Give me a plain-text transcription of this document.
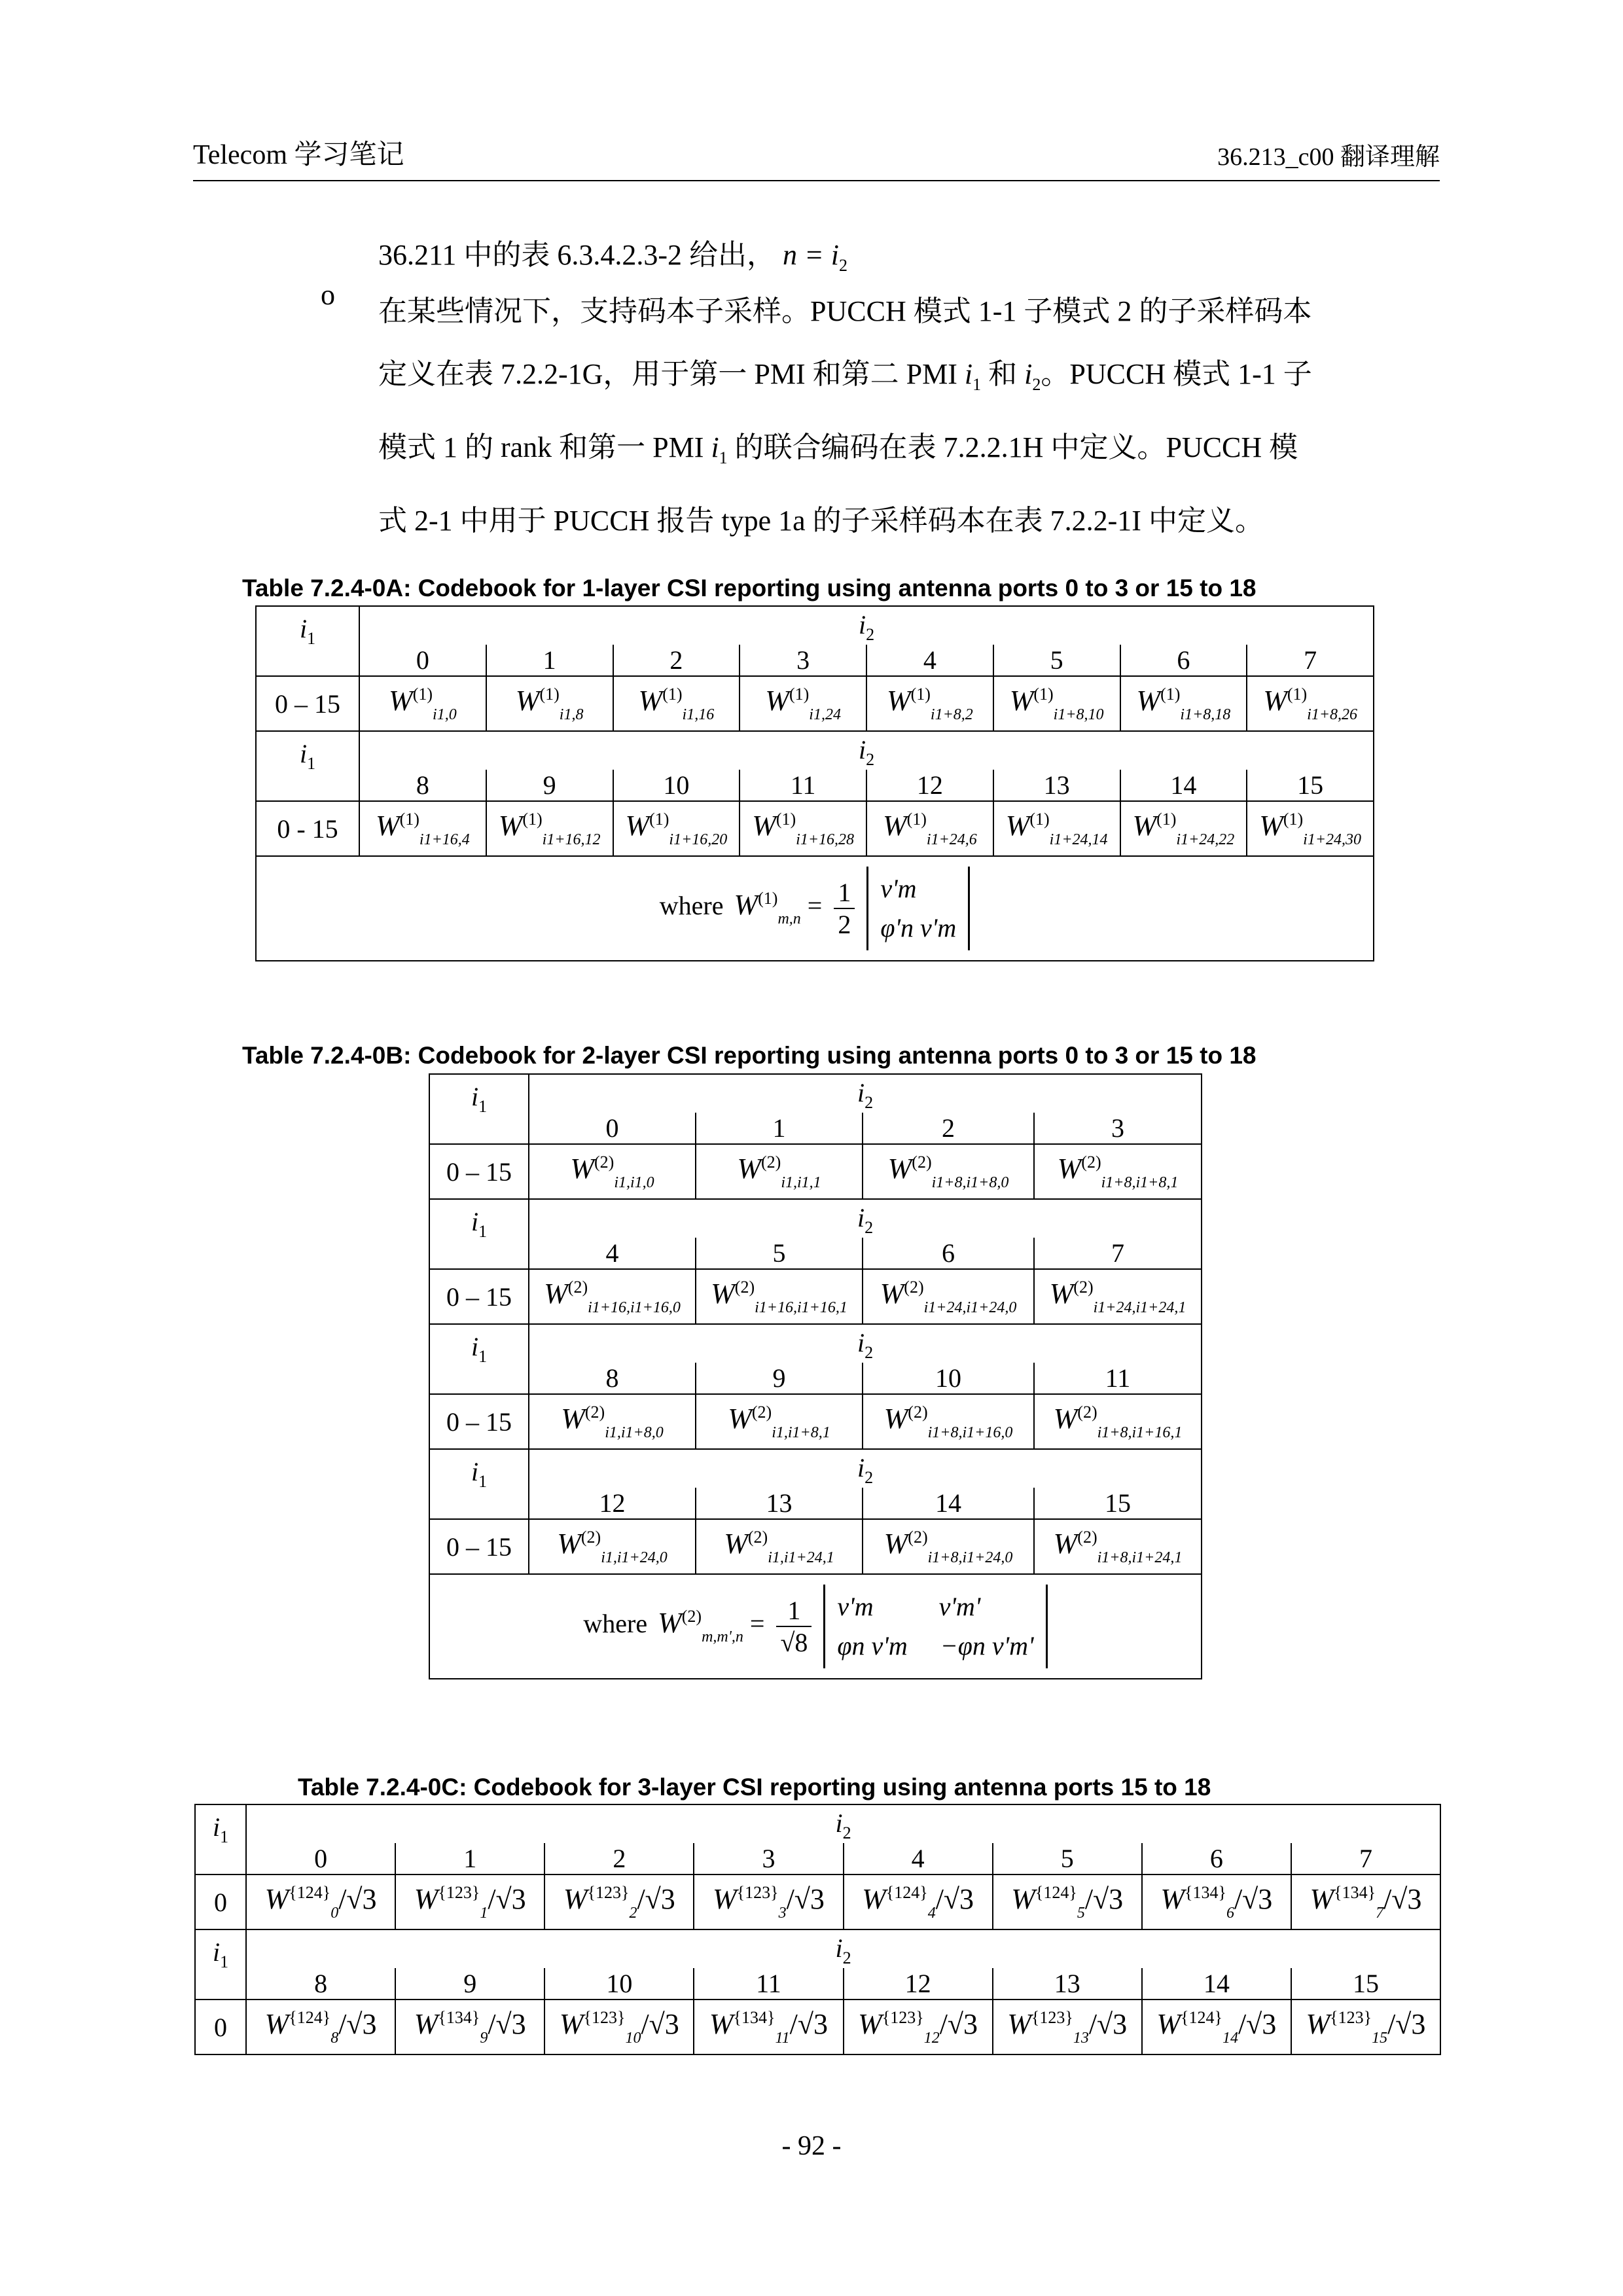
Telecom 学习笔记	36.213_c00 翻译理解
36.211 中的表 6.3.4.2.3-2 给出， $n = i_2$
o
在某些情况下，支持码本子采样。PUCCH 模式 1-1 子模式 2 的子采样码本
定义在表 7.2.2-1G，用于第一 PMI 和第二 PMI $i_1$ 和 $i_2$。PUCCH 模式 1-1 子
模式 1 的 rank 和第一 PMI $i_1$ 的联合编码在表 7.2.2.1H 中定义。PUCCH 模
式 2-1 中用于 PUCCH 报告 type 1a 的子采样码本在表 7.2.2-1I 中定义。
Table 7.2.4-0A: Codebook for 1-layer CSI reporting using antenna ports 0 to 3 or 15 to 18
$i_1$	$i_2$
	0	1	2	3	4	5	6	7
0 – 15	$W^{(1)}_{i1,0}$	$W^{(1)}_{i1,8}$	$W^{(1)}_{i1,16}$	$W^{(1)}_{i1,24}$	$W^{(1)}_{i1+8,2}$	$W^{(1)}_{i1+8,10}$	$W^{(1)}_{i1+8,18}$	$W^{(1)}_{i1+8,26}$
$i_1$	$i_2$
	8	9	10	11	12	13	14	15
0 - 15	$W^{(1)}_{i1+16,4}$	$W^{(1)}_{i1+16,12}$	$W^{(1)}_{i1+16,20}$	$W^{(1)}_{i1+16,28}$	$W^{(1)}_{i1+24,6}$	$W^{(1)}_{i1+24,14}$	$W^{(1)}_{i1+24,22}$	$W^{(1)}_{i1+24,30}$
where $W^{(1)}_{m,n} = \frac{1}{2} v'm$
φ'n v'm								
Table 7.2.4-0B: Codebook for 2-layer CSI reporting using antenna ports 0 to 3 or 15 to 18
$i_1$	$i_2$
	0	1	2	3
0 – 15	$W^{(2)}_{i1,i1,0}$	$W^{(2)}_{i1,i1,1}$	$W^{(2)}_{i1+8,i1+8,0}$	$W^{(2)}_{i1+8,i1+8,1}$
$i_1$	$i_2$
	4	5	6	7
0 – 15	$W^{(2)}_{i1+16,i1+16,0}$	$W^{(2)}_{i1+16,i1+16,1}$	$W^{(2)}_{i1+24,i1+24,0}$	$W^{(2)}_{i1+24,i1+24,1}$
$i_1$	$i_2$
	8	9	10	11
0 – 15	$W^{(2)}_{i1,i1+8,0}$	$W^{(2)}_{i1,i1+8,1}$	$W^{(2)}_{i1+8,i1+16,0}$	$W^{(2)}_{i1+8,i1+16,1}$
$i_1$	$i_2$
	12	13	14	15
0 – 15	$W^{(2)}_{i1,i1+24,0}$	$W^{(2)}_{i1,i1+24,1}$	$W^{(2)}_{i1+8,i1+24,0}$	$W^{(2)}_{i1+8,i1+24,1}$
where $W^{(2)}_{m,m',n} = \frac{1}{√8} v'm$          v'm'
φn v'm     −φn v'm'				
Table 7.2.4-0C: Codebook for 3-layer CSI reporting using antenna ports 15 to 18
$i_1$	$i_2$
	0	1	2	3	4	5	6	7
0	$W^{\{124\}}_0/√3$	$W^{\{123\}}_1/√3$	$W^{\{123\}}_2/√3$	$W^{\{123\}}_3/√3$	$W^{\{124\}}_4/√3$	$W^{\{124\}}_5/√3$	$W^{\{134\}}_6/√3$	$W^{\{134\}}_7/√3$
$i_1$	$i_2$
	8	9	10	11	12	13	14	15
0	$W^{\{124\}}_8/√3$	$W^{\{134\}}_9/√3$	$W^{\{123\}}_{10}/√3$	$W^{\{134\}}_{11}/√3$	$W^{\{123\}}_{12}/√3$	$W^{\{123\}}_{13}/√3$	$W^{\{124\}}_{14}/√3$	$W^{\{123\}}_{15}/√3$
- 92 -
